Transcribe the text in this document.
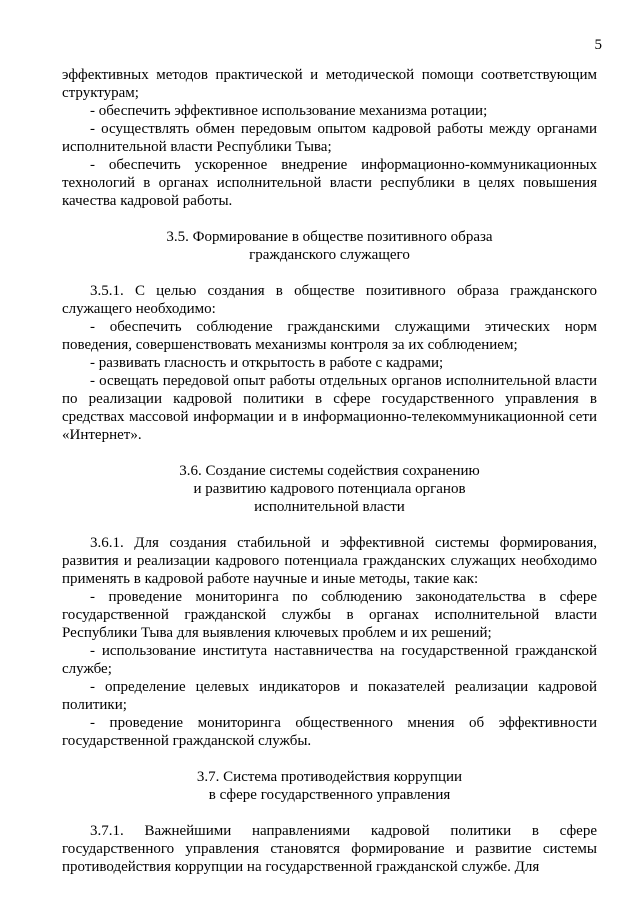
5

эффективных методов практической и методической помощи соответствующим структурам;

- обеспечить эффективное использование механизма ротации;

- осуществлять обмен передовым опытом кадровой работы между органами исполнительной власти Республики Тыва;

- обеспечить ускоренное внедрение информационно-коммуникационных технологий в органах исполнительной власти республики в целях повышения качества кадровой работы.

3.5. Формирование в обществе позитивного образа
гражданского служащего

3.5.1. С целью создания в обществе позитивного образа гражданского служащего необходимо:

- обеспечить соблюдение гражданскими служащими этических норм поведения, совершенствовать механизмы контроля за их соблюдением;

- развивать гласность и открытость в работе с кадрами;

- освещать передовой опыт работы отдельных органов исполнительной власти по реализации кадровой политики в сфере государственного управления в средствах массовой информации и в информационно-телекоммуникационной сети «Интернет».

3.6. Создание системы содействия сохранению
и развитию кадрового потенциала органов
исполнительной власти

3.6.1. Для создания стабильной и эффективной системы формирования, развития и реализации кадрового потенциала гражданских служащих необходимо применять в кадровой работе научные и иные методы, такие как:

- проведение мониторинга по соблюдению законодательства в сфере государственной гражданской службы в органах исполнительной власти Республики Тыва для выявления ключевых проблем и их решений;

- использование института наставничества на государственной гражданской службе;

- определение целевых индикаторов и показателей реализации кадровой политики;

- проведение мониторинга общественного мнения об эффективности государственной гражданской службы.

3.7. Система противодействия коррупции
в сфере государственного управления

3.7.1. Важнейшими направлениями кадровой политики в сфере государственного управления становятся формирование и развитие системы противодействия коррупции на государственной гражданской службе. Для
